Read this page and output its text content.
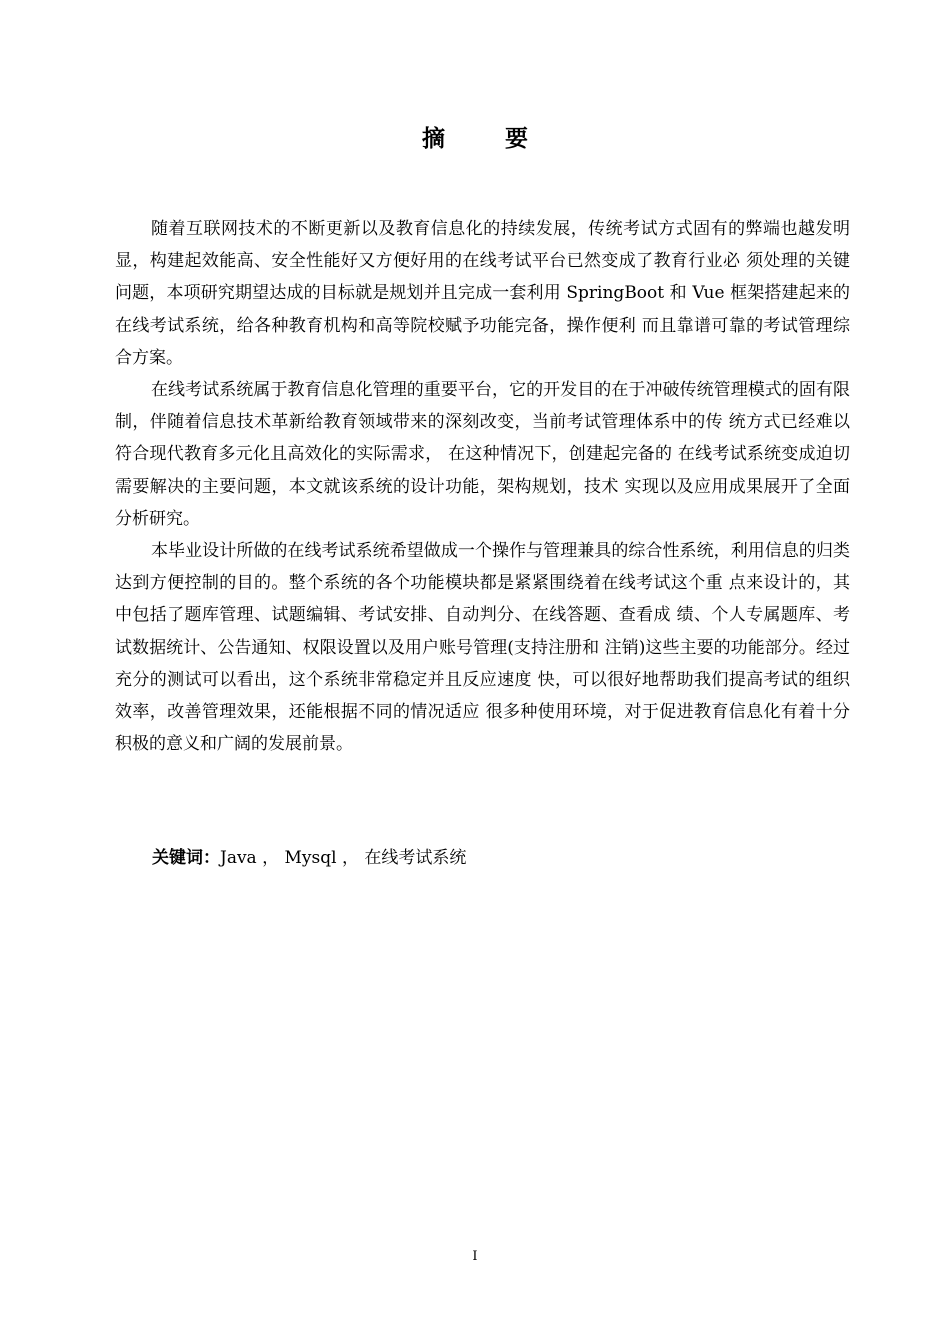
摘 要

随着互联网技术的不断更新以及教育信息化的持续发展，传统考试方式固有的弊端也越发明显，构建起效能高、安全性能好又方便好用的在线考试平台已然变成了教育行业必 须处理的关键问题，本项研究期望达成的目标就是规划并且完成一套利用 SpringBoot 和 Vue 框架搭建起来的在线考试系统，给各种教育机构和高等院校赋予功能完备，操作便利 而且靠谱可靠的考试管理综合方案。

在线考试系统属于教育信息化管理的重要平台，它的开发目的在于冲破传统管理模式的固有限制，伴随着信息技术革新给教育领域带来的深刻改变，当前考试管理体系中的传 统方式已经难以符合现代教育多元化且高效化的实际需求， 在这种情况下，创建起完备的 在线考试系统变成迫切需要解决的主要问题，本文就该系统的设计功能，架构规划，技术 实现以及应用成果展开了全面分析研究。

本毕业设计所做的在线考试系统希望做成一个操作与管理兼具的综合性系统，利用信息的归类达到方便控制的目的。整个系统的各个功能模块都是紧紧围绕着在线考试这个重 点来设计的，其中包括了题库管理、试题编辑、考试安排、自动判分、在线答题、查看成 绩、个人专属题库、考试数据统计、公告通知、权限设置以及用户账号管理(支持注册和 注销)这些主要的功能部分。经过充分的测试可以看出，这个系统非常稳定并且反应速度 快，可以很好地帮助我们提高考试的组织效率，改善管理效果，还能根据不同的情况适应 很多种使用环境，对于促进教育信息化有着十分积极的意义和广阔的发展前景。

关键词：Java ， Mysql ， 在线考试系统
I
